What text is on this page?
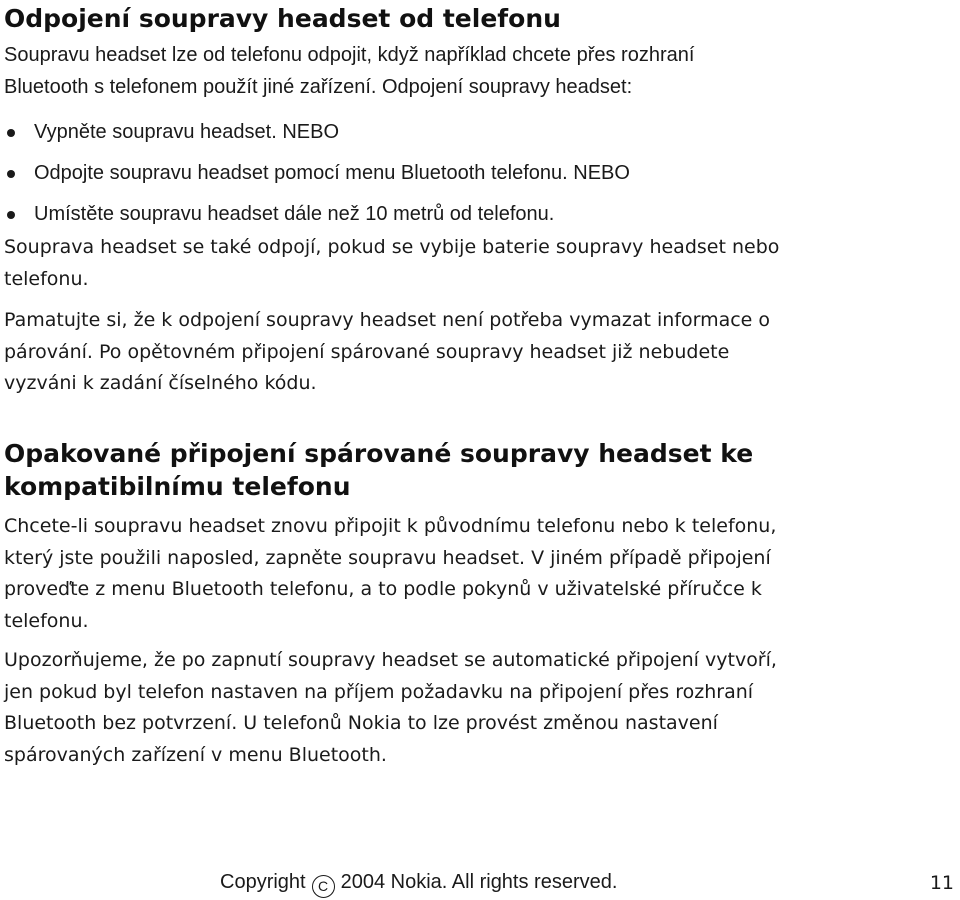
Odpojení soupravy headset od telefonu
Soupravu headset lze od telefonu odpojit, když například chcete přes rozhraní
Bluetooth s telefonem použít jiné zařízení. Odpojení soupravy headset:
Vypněte soupravu headset. NEBO
Odpojte soupravu headset pomocí menu Bluetooth telefonu. NEBO
Umístěte soupravu headset dále než 10 metrů od telefonu.
Souprava headset se také odpojí, pokud se vybije baterie soupravy headset nebo
telefonu.
Pamatujte si, že k odpojení soupravy headset není potřeba vymazat informace o
párování. Po opětovném připojení spárované soupravy headset již nebudete
vyzváni k zadání číselného kódu.
Opakované připojení spárované soupravy headset ke
kompatibilnímu telefonu
Chcete-li soupravu headset znovu připojit k původnímu telefonu nebo k telefonu,
který jste použili naposled, zapněte soupravu headset. V jiném případě připojení
proveďte z menu Bluetooth telefonu, a to podle pokynů v uživatelské příručce k
telefonu.
Upozorňujeme, že po zapnutí soupravy headset se automatické připojení vytvoří,
jen pokud byl telefon nastaven na příjem požadavku na připojení přes rozhraní
Bluetooth bez potvrzení. U telefonů Nokia to lze provést změnou nastavení
spárovaných zařízení v menu Bluetooth.
Copyright C 2004 Nokia. All rights reserved.	11
